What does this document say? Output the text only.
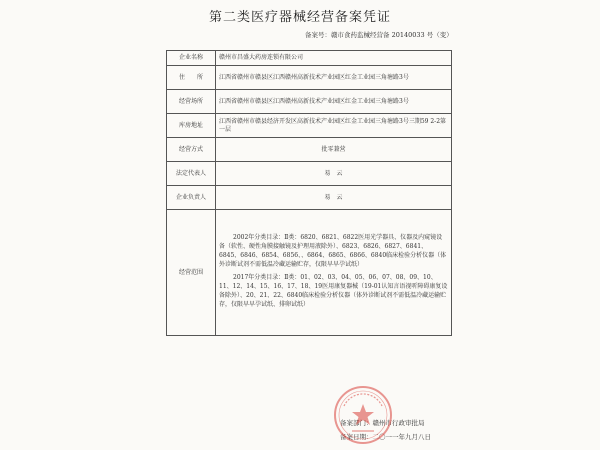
第二类医疗器械经营备案凭证
备案号：赣市食药监械经营备 20140033 号（变）
企业名称	赣州市昌盛大药房连锁有限公司
住　　所	江西省赣州市赣县区江西赣州高新技术产业园区红金工业园三角塘路3号
经营场所	江西省赣州市赣县区江西赣州高新技术产业园区红金工业园三角塘路3号
库房地址	江西省赣州市赣县经济开发区高新技术产业园区红金工业园三角塘路3号三期59 2-2第一层
经营方式	批零兼营
法定代表人	易　云
企业负责人	易　云
经营范围	2002年分类目录：Ⅱ类：6820、6821、6822医用光学器具、仪器及内窥镜设备（软性、硬性角膜接触镜及护理用液除外）、6823、6826、6827、6841、6845、6846、6854、6856、、6864、6865、6866、6840临床检验分析仪器（体外诊断试剂不需低温冷藏运输贮存，仅限早早孕试纸）

2017年分类目录：Ⅱ类：01、02、03、04、05、06、07、08、09、10、11、12、14、15、16、17、18、19医用康复器械（19-01认知言语视听障碍康复设备除外）、20、21、22、6840临床检验分析仪器（体外诊断试剂不需低温冷藏运输贮存，仅限早早孕试纸、排卵试纸）

备案部门：赣州市行政审批局
备案日期：二〇一一年九月八日
